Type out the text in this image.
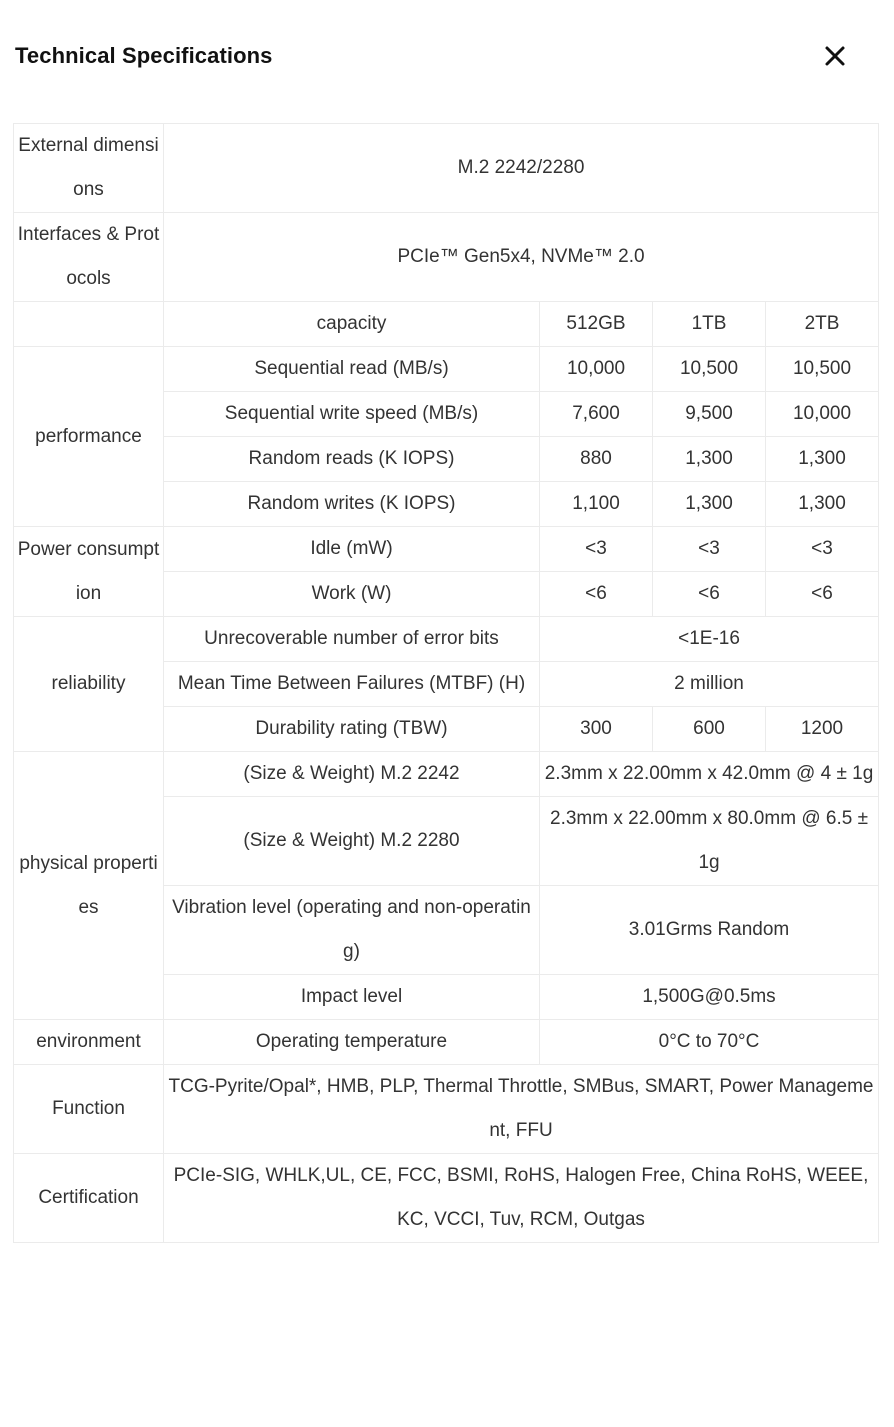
Technical Specifications
External dimensions	M.2 2242/2280			
Interfaces & Protocols	PCIe™ Gen5x4, NVMe™ 2.0			
	capacity	512GB	1TB	2TB
performance	Sequential read (MB/s)	10,000	10,500	10,500
	Sequential write speed (MB/s)	7,600	9,500	10,000
	Random reads (K IOPS)	880	1,300	1,300
	Random writes (K IOPS)	1,100	1,300	1,300
Power consumption	Idle (mW)	<3	<3	<3
	Work (W)	<6	<6	<6
reliability	Unrecoverable number of error bits	<1E-16		
	Mean Time Between Failures (MTBF) (H)	2 million		
	Durability rating (TBW)	300	600	1200
physical properties	(Size & Weight) M.2 2242	2.3mm x 22.00mm x 42.0mm @ 4 ± 1g		
	(Size & Weight) M.2 2280	2.3mm x 22.00mm x 80.0mm @ 6.5 ± 1g		
	Vibration level (operating and non-operating)	3.01Grms Random		
	Impact level	1,500G@0.5ms		
environment	Operating temperature	0°C to 70°C		
Function	TCG-Pyrite/Opal*, HMB, PLP, Thermal Throttle, SMBus, SMART, Power Management, FFU			
Certification	PCIe-SIG, WHLK,UL, CE, FCC, BSMI, RoHS, Halogen Free, China RoHS, WEEE, KC, VCCI, Tuv, RCM, Outgas			
